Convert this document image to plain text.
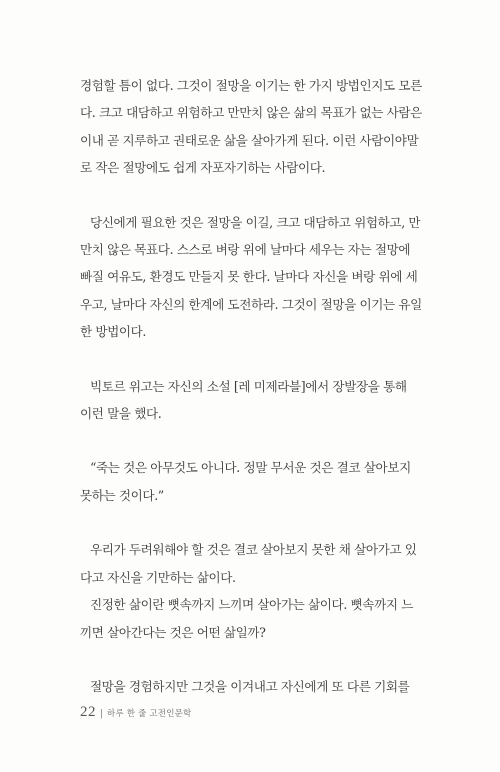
경험할 틈이 없다. 그것이 절망을 이기는 한 가지 방법인지도 모른
다. 크고 대담하고 위험하고 만만치 않은 삶의 목표가 없는 사람은
이내 곧 지루하고 권태로운 삶을 살아가게 된다. 이런 사람이야말
로 작은 절망에도 쉽게 자포자기하는 사람이다.

당신에게 필요한 것은 절망을 이길, 크고 대담하고 위험하고, 만
만치 않은 목표다. 스스로 벼랑 위에 날마다 세우는 자는 절망에
빠질 여유도, 환경도 만들지 못 한다. 날마다 자신을 벼랑 위에 세
우고, 날마다 자신의 한계에 도전하라. 그것이 절망을 이기는 유일
한 방법이다.

빅토르 위고는 자신의 소설 [레 미제라블]에서 장발장을 통해
이런 말을 했다.

“죽는 것은 아무것도 아니다. 정말 무서운 것은 결코 살아보지
못하는 것이다.”

우리가 두려워해야 할 것은 결코 살아보지 못한 채 살아가고 있
다고 자신을 기만하는 삶이다.
진정한 삶이란 뼛속까지 느끼며 살아가는 삶이다. 뼛속까지 느
끼면 살아간다는 것은 어떤 삶일까?

절망을 경험하지만 그것을 이겨내고 자신에게 또 다른 기회를

22 | 하루 한 줄 고전인문학
